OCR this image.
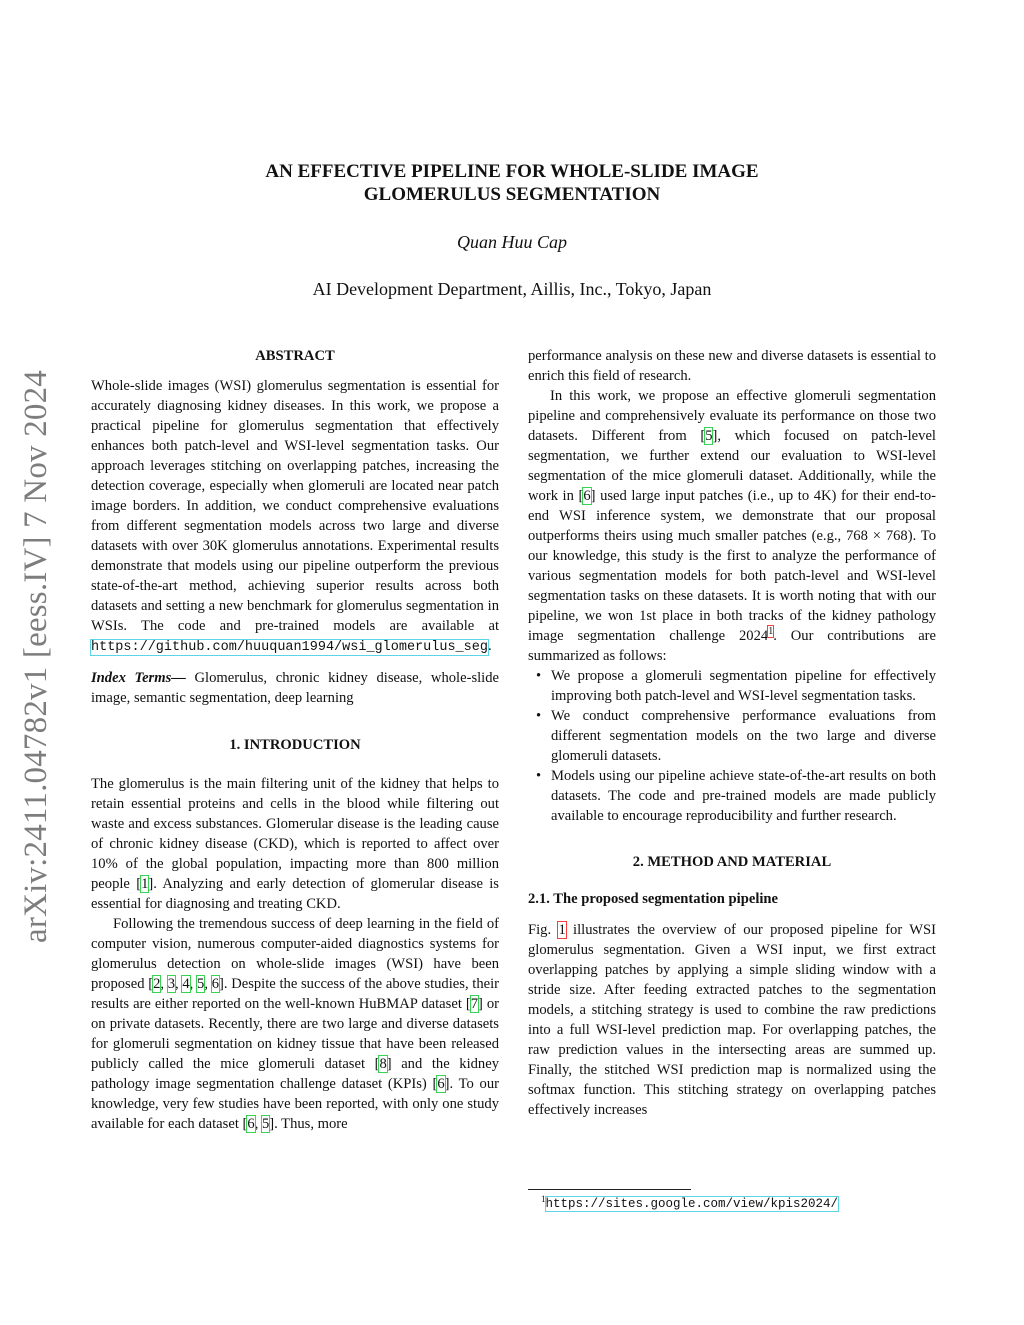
arXiv:2411.04782v1 [eess.IV] 7 Nov 2024
AN EFFECTIVE PIPELINE FOR WHOLE-SLIDE IMAGE
GLOMERULUS SEGMENTATION
Quan Huu Cap
AI Development Department, Aillis, Inc., Tokyo, Japan
ABSTRACT

Whole-slide images (WSI) glomerulus segmentation is essential for accurately diagnosing kidney diseases. In this work, we propose a practical pipeline for glomerulus segmentation that effectively enhances both patch-level and WSI-level segmentation tasks. Our approach leverages stitching on overlapping patches, increasing the detection coverage, especially when glomeruli are located near patch image borders. In addition, we conduct comprehensive evaluations from different segmentation models across two large and diverse datasets with over 30K glomerulus annotations. Experimental results demonstrate that models using our pipeline outperform the previous state-of-the-art method, achieving superior results across both datasets and setting a new benchmark for glomerulus segmentation in WSIs. The code and pre-trained models are available at https://github.com/huuquan1994/wsi_glomerulus_seg.

Index Terms— Glomerulus, chronic kidney disease, whole-slide image, semantic segmentation, deep learning

1. INTRODUCTION

The glomerulus is the main filtering unit of the kidney that helps to retain essential proteins and cells in the blood while filtering out waste and excess substances. Glomerular disease is the leading cause of chronic kidney disease (CKD), which is reported to affect over 10% of the global population, impacting more than 800 million people [1]. Analyzing and early detection of glomerular disease is essential for diagnosing and treating CKD.

Following the tremendous success of deep learning in the field of computer vision, numerous computer-aided diagnostics systems for glomerulus detection on whole-slide images (WSI) have been proposed [2, 3, 4, 5, 6]. Despite the success of the above studies, their results are either reported on the well-known HuBMAP dataset [7] or on private datasets. Recently, there are two large and diverse datasets for glomeruli segmentation on kidney tissue that have been released publicly called the mice glomeruli dataset [8] and the kidney pathology image segmentation challenge dataset (KPIs) [6]. To our knowledge, very few studies have been reported, with only one study available for each dataset [6, 5]. Thus, more

performance analysis on these new and diverse datasets is essential to enrich this field of research.

In this work, we propose an effective glomeruli segmentation pipeline and comprehensively evaluate its performance on those two datasets. Different from [5], which focused on patch-level segmentation, we further extend our evaluation to WSI-level segmentation of the mice glomeruli dataset. Additionally, while the work in [6] used large input patches (i.e., up to 4K) for their end-to-end WSI inference system, we demonstrate that our proposal outperforms theirs using much smaller patches (e.g., 768 × 768). To our knowledge, this study is the first to analyze the performance of various segmentation models for both patch-level and WSI-level segmentation tasks on these datasets. It is worth noting that with our pipeline, we won 1st place in both tracks of the kidney pathology image segmentation challenge 2024$^1$. Our contributions are summarized as follows:

• We propose a glomeruli segmentation pipeline for effectively improving both patch-level and WSI-level segmentation tasks.
• We conduct comprehensive performance evaluations from different segmentation models on the two large and diverse glomeruli datasets.
• Models using our pipeline achieve state-of-the-art results on both datasets. The code and pre-trained models are made publicly available to encourage reproducibility and further research.
2. METHOD AND MATERIAL
2.1. The proposed segmentation pipeline

Fig. 1 illustrates the overview of our proposed pipeline for WSI glomerulus segmentation. Given a WSI input, we first extract overlapping patches by applying a simple sliding window with a stride size. After feeding extracted patches to the segmentation models, a stitching strategy is used to combine the raw predictions into a full WSI-level prediction map. For overlapping patches, the raw prediction values in the intersecting areas are summed up. Finally, the stitched WSI prediction map is normalized using the softmax function. This stitching strategy on overlapping patches effectively increases

$^1$https://sites.google.com/view/kpis2024/
